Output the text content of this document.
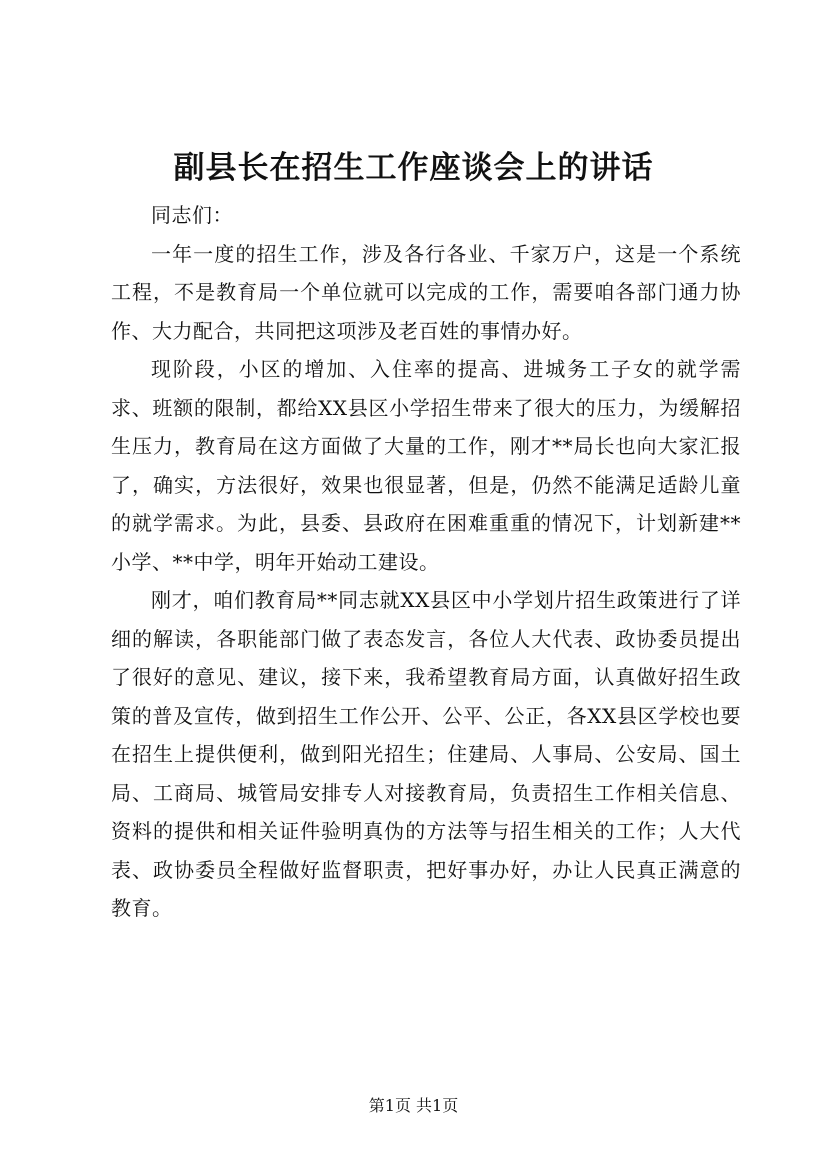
副县长在招生工作座谈会上的讲话

同志们：

一年一度的招生工作，涉及各行各业、千家万户，这是一个系统工程，不是教育局一个单位就可以完成的工作，需要咱各部门通力协作、大力配合，共同把这项涉及老百姓的事情办好。

现阶段，小区的增加、入住率的提高、进城务工子女的就学需求、班额的限制，都给XX县区小学招生带来了很大的压力，为缓解招生压力，教育局在这方面做了大量的工作，刚才**局长也向大家汇报了，确实，方法很好，效果也很显著，但是，仍然不能满足适龄儿童的就学需求。为此，县委、县政府在困难重重的情况下，计划新建**小学、**中学，明年开始动工建设。

刚才，咱们教育局**同志就XX县区中小学划片招生政策进行了详细的解读，各职能部门做了表态发言，各位人大代表、政协委员提出了很好的意见、建议，接下来，我希望教育局方面，认真做好招生政策的普及宣传，做到招生工作公开、公平、公正，各XX县区学校也要在招生上提供便利，做到阳光招生；住建局、人事局、公安局、国土局、工商局、城管局安排专人对接教育局，负责招生工作相关信息、资料的提供和相关证件验明真伪的方法等与招生相关的工作；人大代表、政协委员全程做好监督职责，把好事办好，办让人民真正满意的教育。

第1页 共1页
